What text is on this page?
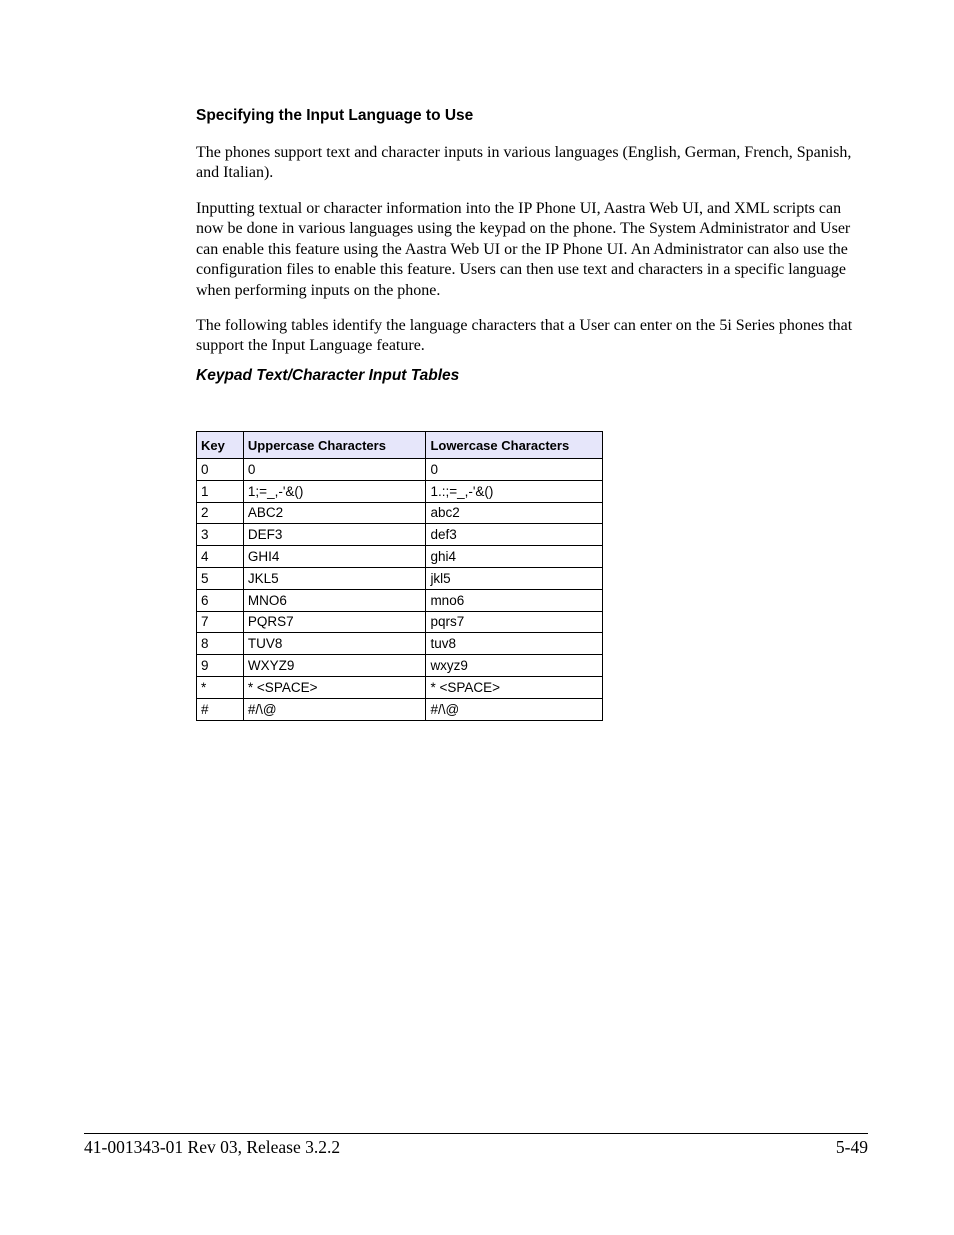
Specifying the Input Language to Use

The phones support text and character inputs in various languages (English, German, French, Spanish, and Italian).

Inputting textual or character information into the IP Phone UI, Aastra Web UI, and XML scripts can now be done in various languages using the keypad on the phone. The System Administrator and User can enable this feature using the Aastra Web UI or the IP Phone UI. An Administrator can also use the configuration files to enable this feature. Users can then use text and characters in a specific language when performing inputs on the phone.

The following tables identify the language characters that a User can enter on the 5i Series phones that support the Input Language feature.

Keypad Text/Character Input Tables
Key	Uppercase Characters	Lowercase Characters
0	0	0
1	1;=_,-'&()	1.:;=_,-'&()
2	ABC2	abc2
3	DEF3	def3
4	GHI4	ghi4
5	JKL5	jkl5
6	MNO6	mno6
7	PQRS7	pqrs7
8	TUV8	tuv8
9	WXYZ9	wxyz9
*	* <SPACE>	* <SPACE>
#	#/\@	#/\@
41-001343-01 Rev 03, Release 3.2.2	5-49
